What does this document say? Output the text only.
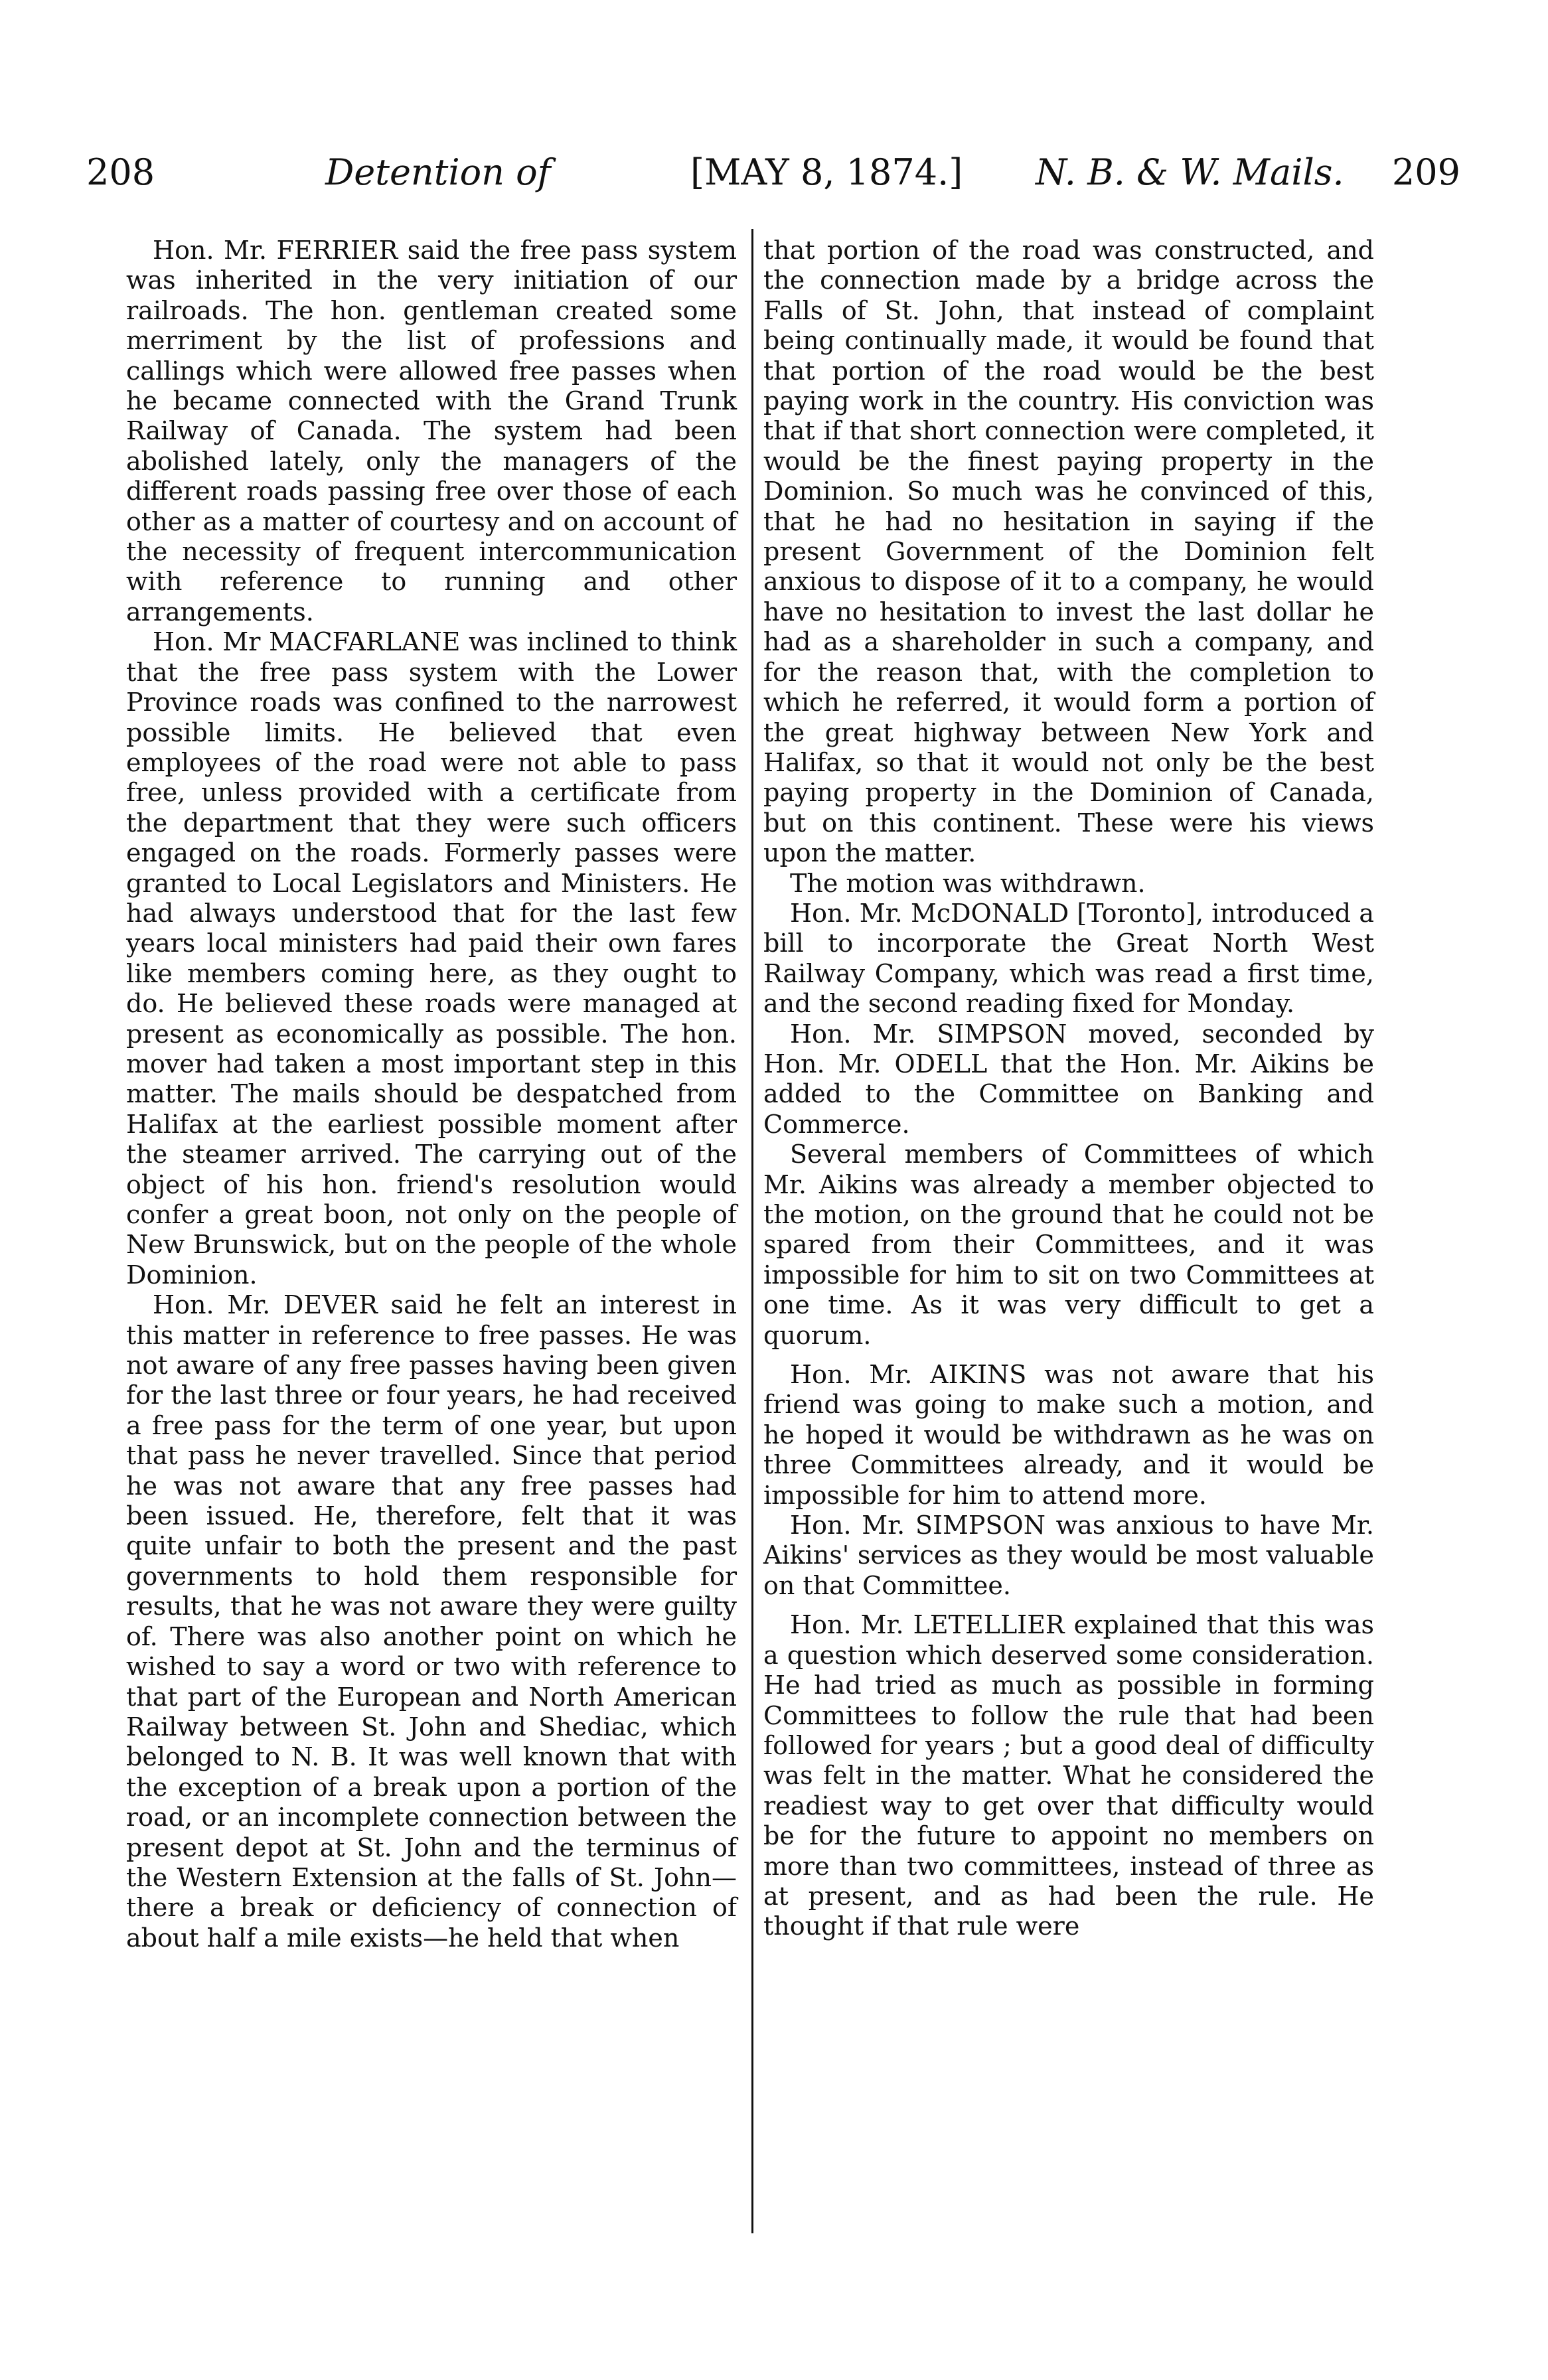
208	Detention of	[MAY 8, 1874.] N. B. & W. Mails. 209

Hon. Mr. FERRIER said the free pass system was inherited in the very initiation of our railroads. The hon. gentleman created some merriment by the list of professions and callings which were allowed free passes when he became connected with the Grand Trunk Railway of Canada. The system had been abolished lately, only the managers of the different roads passing free over those of each other as a matter of courtesy and on account of the necessity of frequent intercommunication with reference to running and other arrangements.

Hon. Mr MACFARLANE was inclined to think that the free pass system with the Lower Province roads was confined to the narrowest possible limits. He believed that even employees of the road were not able to pass free, unless provided with a certificate from the department that they were such officers engaged on the roads. Formerly passes were granted to Local Legislators and Ministers. He had always understood that for the last few years local ministers had paid their own fares like members coming here, as they ought to do. He believed these roads were managed at present as economically as possible. The hon. mover had taken a most important step in this matter. The mails should be despatched from Halifax at the earliest possible moment after the steamer arrived. The carrying out of the object of his hon. friend's resolution would confer a great boon, not only on the people of New Brunswick, but on the people of the whole Dominion.

Hon. Mr. DEVER said he felt an interest in this matter in reference to free passes. He was not aware of any free passes having been given for the last three or four years, he had received a free pass for the term of one year, but upon that pass he never travelled. Since that period he was not aware that any free passes had been issued. He, therefore, felt that it was quite unfair to both the present and the past governments to hold them responsible for results, that he was not aware they were guilty of. There was also another point on which he wished to say a word or two with reference to that part of the European and North American Railway between St. John and Shediac, which belonged to N. B. It was well known that with the exception of a break upon a portion of the road, or an incomplete connection between the present depot at St. John and the terminus of the Western Extension at the falls of St. John—there a break or deficiency of connection of about half a mile exists—he held that when

that portion of the road was constructed, and the connection made by a bridge across the Falls of St. John, that instead of complaint being continually made, it would be found that that portion of the road would be the best paying work in the country. His conviction was that if that short connection were completed, it would be the finest paying property in the Dominion. So much was he convinced of this, that he had no hesitation in saying if the present Government of the Dominion felt anxious to dispose of it to a company, he would have no hesitation to invest the last dollar he had as a shareholder in such a company, and for the reason that, with the completion to which he referred, it would form a portion of the great highway between New York and Halifax, so that it would not only be the best paying property in the Dominion of Canada, but on this continent. These were his views upon the matter.

The motion was withdrawn.

Hon. Mr. McDONALD [Toronto], introduced a bill to incorporate the Great North West Railway Company, which was read a first time, and the second reading fixed for Monday.

Hon. Mr. SIMPSON moved, seconded by Hon. Mr. ODELL that the Hon. Mr. Aikins be added to the Committee on Banking and Commerce.

Several members of Committees of which Mr. Aikins was already a member objected to the motion, on the ground that he could not be spared from their Committees, and it was impossible for him to sit on two Committees at one time. As it was very difficult to get a quorum.

Hon. Mr. AIKINS was not aware that his friend was going to make such a motion, and he hoped it would be withdrawn as he was on three Committees already, and it would be impossible for him to attend more.

Hon. Mr. SIMPSON was anxious to have Mr. Aikins' services as they would be most valuable on that Committee.

Hon. Mr. LETELLIER explained that this was a question which deserved some consideration. He had tried as much as possible in forming Committees to follow the rule that had been followed for years ; but a good deal of difficulty was felt in the matter. What he considered the readiest way to get over that difficulty would be for the future to appoint no members on more than two committees, instead of three as at present, and as had been the rule. He thought if that rule were
